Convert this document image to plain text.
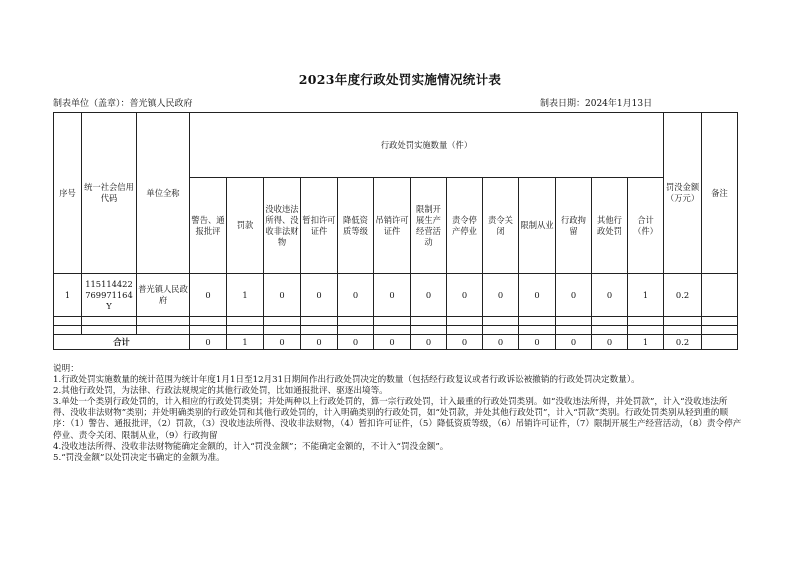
2023年度行政处罚实施情况统计表
制表单位（盖章）：普光镇人民政府	制表日期：2024年1月13日
序号	统一社会信用代码	单位全称	行政处罚实施数量（件）													罚没金额（万元）	备注
			警告、通报批评	罚款	没收违法所得、没收非法财物	暂扣许可证件	降低资质等级	吊销许可证件	限制开展生产经营活动	责令停产停业	责令关闭	限制从业	行政拘留	其他行政处罚	合计（件）		
1	115114422769971164Y	普光镇人民政府	0	1	0	0	0	0	0	0	0	0	0	0	1	0.2	

合计			0	1	0	0	0	0	0	0	0	0	0	0	1	0.2	
说明：
1.行政处罚实施数量的统计范围为统计年度1月1日至12月31日期间作出行政处罚决定的数量（包括经行政复议或者行政诉讼被撤销的行政处罚决定数量）。
2.其他行政处罚，为法律、行政法规规定的其他行政处罚，比如通报批评、驱逐出境等。
3.单处一个类别行政处罚的，计入相应的行政处罚类别；并处两种以上行政处罚的，算一宗行政处罚，计入最重的行政处罚类别。如“没收违法所得，并处罚款”，计入“没收违法所得、没收非法财物”类别；并处明确类别的行政处罚和其他行政处罚的，计入明确类别的行政处罚，如“处罚款，并处其他行政处罚”，计入“罚款”类别。行政处罚类别从轻到重的顺序：（1）警告、通报批评，（2）罚款，（3）没收违法所得、没收非法财物，（4）暂扣许可证件，（5）降低资质等级，（6）吊销许可证件，（7）限制开展生产经营活动，（8）责令停产停业、责令关闭、限制从业，（9）行政拘留
4.没收违法所得、没收非法财物能确定金额的，计入“罚没金额”；不能确定金额的，不计入“罚没金额”。
5.“罚没金额”以处罚决定书确定的金额为准。
